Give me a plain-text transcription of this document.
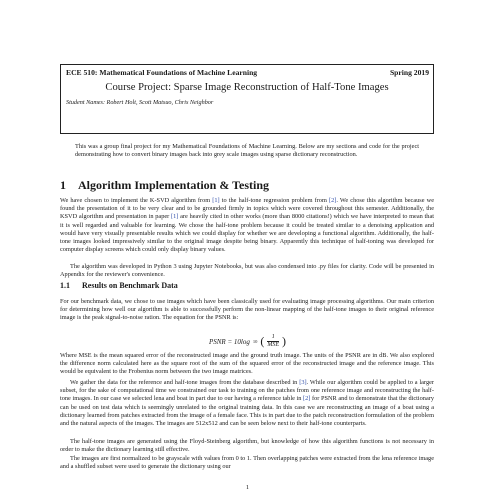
ECE 510: Mathematical Foundations of Machine Learning	Spring 2019
Course Project: Sparse Image Reconstruction of Half-Tone Images
Student Names: Robert Holt, Scott Matsuo, Chris Neighbor

This was a group final project for my Mathematical Foundations of Machine Learning. Below are my sections and code for the project demonstrating how to convert binary images back into grey scale images using sparse dictionary reconstruction.

1 Algorithm Implementation & Testing

We have chosen to implement the K-SVD algorithm from [1] to the half-tone regression problem from [2]. We chose this algorithm because we found the presentation of it to be very clear and to be grounded firmly in topics which were covered throughout this semester. Additionally, the KSVD algorithm and presentation in paper [1] are heavily cited in other works (more than 8000 citations!) which we have interpreted to mean that it is well regarded and valuable for learning. We chose the half-tone problem because it could be treated similar to a denoising application and would have very visually presentable results which we could display for whether we are developing a functional algorithm. Additionally, the half-tone images looked impressively similar to the original image despite being binary. Apparently this technique of half-toning was developed for computer display screens which could only display binary values.

The algorithm was developed in Python 3 using Jupyter Notebooks, but was also condensed into .py files for clarity. Code will be presented in Appendix for the reviewer's convenience.

1.1 Results on Benchmark Data

For our benchmark data, we chose to use images which have been classically used for evaluating image processing algorithms. Our main criterion for determining how well our algorithm is able to successfully perform the non-linear mapping of the half-tone images to their original reference image is the peak signal-to-noise ration. The equation for the PSNR is:

PSNR = 10log 10 ( $\frac{1}{\text{MSE}}$ )

Where MSE is the mean squared error of the reconstructed image and the ground truth image. The units of the PSNR are in dB. We also explored the difference norm calculated here as the square root of the sum of the squared error of the reconstructed image and the reference image. This would be equivalent to the Frobenius norm between the two image matrices.

We gather the data for the reference and half-tone images from the database described in [3]. While our algorithm could be applied to a larger subset, for the sake of computational time we constrained our task to training on the patches from one reference image and reconstructing the half-tone images. In our case we selected lena and boat in part due to our having a reference table in [2] for PSNR and to demonstrate that the dictionary can be used on test data which is seemingly unrelated to the original training data. In this case we are reconstructing an image of a boat using a dictionary learned from patches extracted from the image of a female face. This is in part due to the patch reconstruction formulation of the problem and the natural aspects of the images. The images are 512x512 and can be seen below next to their half-tone counterparts.

The half-tone images are generated using the Floyd-Steinberg algorithm, but knowledge of how this algorithm functions is not necessary in order to make the dictionary learning still effective.

The images are first normalized to be grayscale with values from 0 to 1. Then overlapping patches were extracted from the lena reference image and a shuffled subset were used to generate the dictionary using our

1
